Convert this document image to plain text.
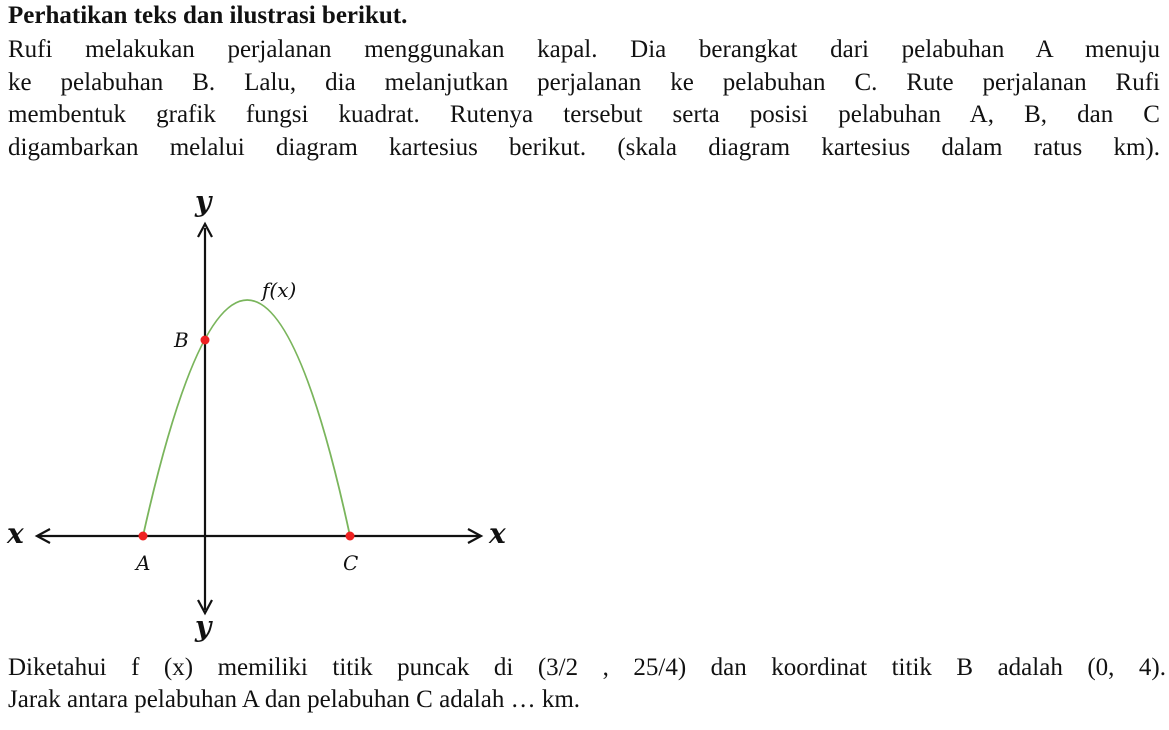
Perhatikan teks dan ilustrasi berikut.
Rufi melakukan perjalanan menggunakan kapal. Dia berangkat dari pelabuhan A menuju
ke pelabuhan B. Lalu, dia melanjutkan perjalanan ke pelabuhan C. Rute perjalanan Rufi
membentuk grafik fungsi kuadrat. Rutenya tersebut serta posisi pelabuhan A, B, dan C
digambarkan melalui diagram kartesius berikut. (skala diagram kartesius dalam ratus km).
y
y
x	x
f(x)
B
A	C
Diketahui f (x) memiliki titik puncak di (3/2 , 25/4) dan koordinat titik B adalah (0, 4).
Jarak antara pelabuhan A dan pelabuhan C adalah … km.
